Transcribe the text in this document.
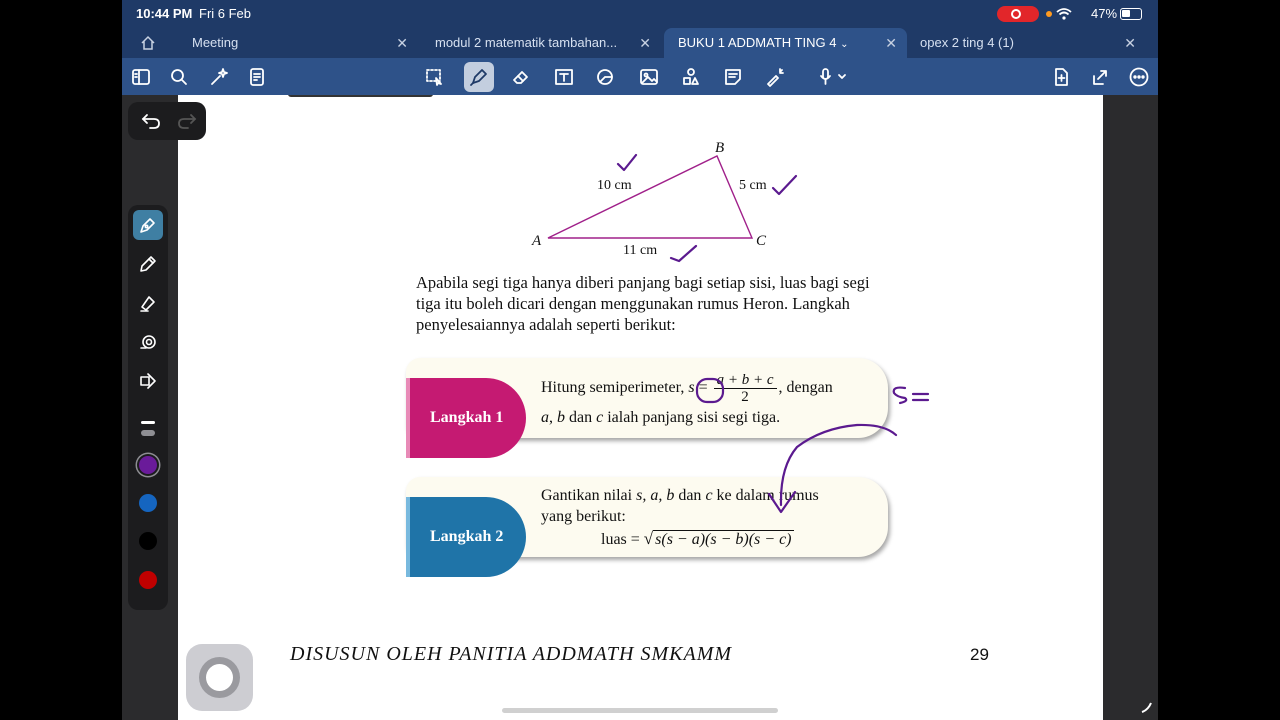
10:44 PM Fri 6 Feb	47%
Meeting	✕ modul 2 matematik tambahan... ✕ BUKU 1 ADDMATH TING 4 ⌄	✕ opex 2 ting 4 (1)	✕
A
B
C
10 cm	5 cm
11 cm

Apabila segi tiga hanya diberi panjang bagi setiap sisi, luas bagi segi tiga itu boleh dicari dengan menggunakan rumus Heron. Langkah penyelesaiannya adalah seperti berikut:

Langkah 1
Hitung semiperimeter, $s = \frac{a + b + c}{2}$ , dengan
a, b dan c ialah panjang sisi segi tiga.
Langkah 2
Gantikan nilai s, a, b dan c ke dalam rumus
yang berikut:
luas = √ s(s − a)(s − b)(s − c)
DISUSUN OLEH PANITIA ADDMATH SMKAMM	29
